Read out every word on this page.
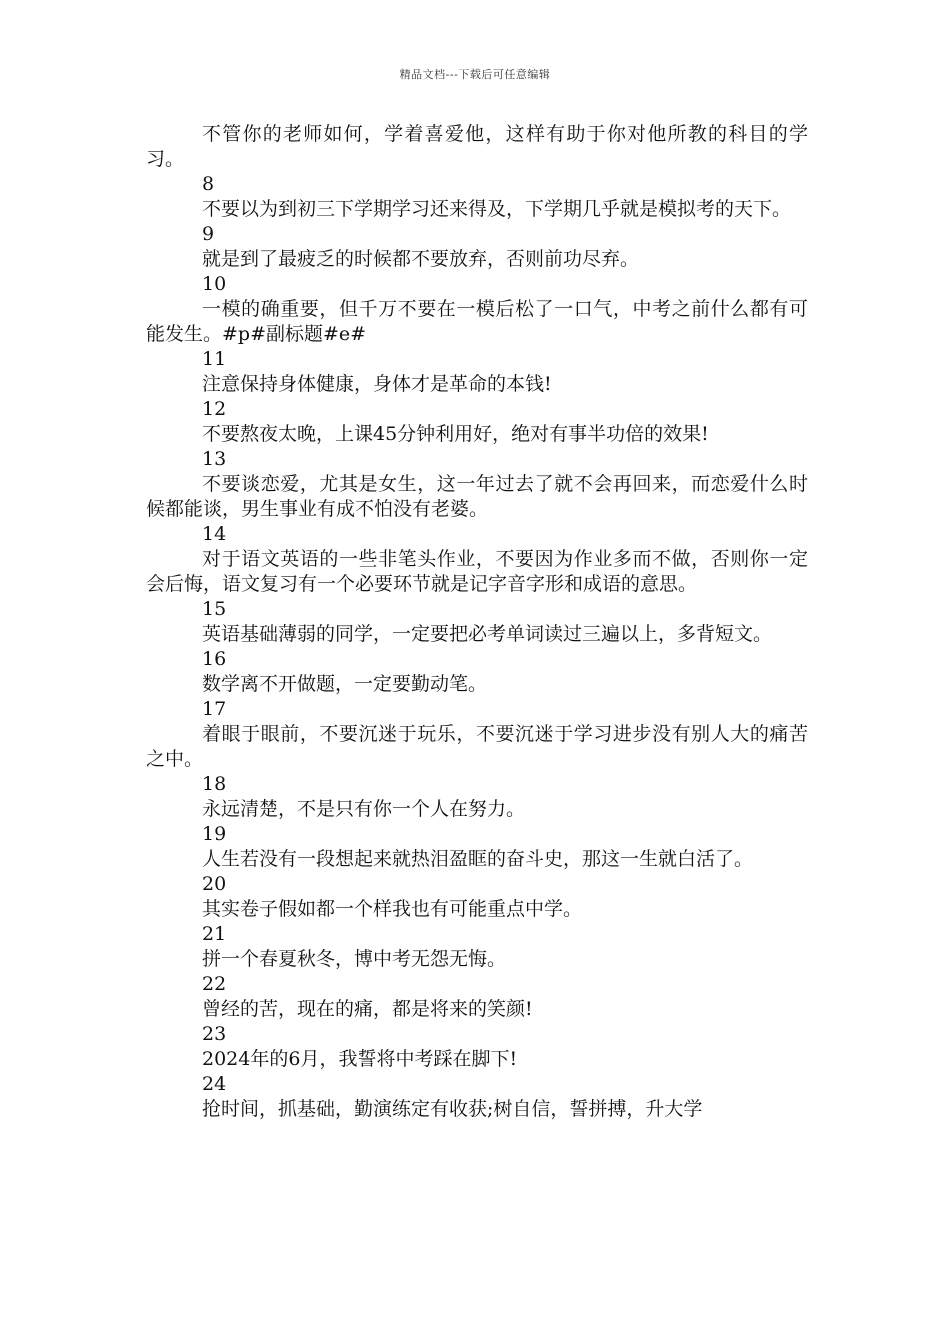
精品文档---下载后可任意编辑

不管你的老师如何，学着喜爱他，这样有助于你对他所教的科目的学习。

8

不要以为到初三下学期学习还来得及，下学期几乎就是模拟考的天下。

9

就是到了最疲乏的时候都不要放弃，否则前功尽弃。

10

一模的确重要，但千万不要在一模后松了一口气，中考之前什么都有可能发生。#p#副标题#e#

11

注意保持身体健康，身体才是革命的本钱!

12

不要熬夜太晚，上课45分钟利用好，绝对有事半功倍的效果!

13

不要谈恋爱，尤其是女生，这一年过去了就不会再回来，而恋爱什么时候都能谈，男生事业有成不怕没有老婆。

14

对于语文英语的一些非笔头作业，不要因为作业多而不做，否则你一定会后悔，语文复习有一个必要环节就是记字音字形和成语的意思。

15

英语基础薄弱的同学，一定要把必考单词读过三遍以上，多背短文。

16

数学离不开做题，一定要勤动笔。

17

着眼于眼前，不要沉迷于玩乐，不要沉迷于学习进步没有别人大的痛苦之中。

18

永远清楚，不是只有你一个人在努力。

19

人生若没有一段想起来就热泪盈眶的奋斗史，那这一生就白活了。

20

其实卷子假如都一个样我也有可能重点中学。

21

拼一个春夏秋冬，博中考无怨无悔。

22

曾经的苦，现在的痛，都是将来的笑颜!

23

2024年的6月，我誓将中考踩在脚下!

24

抢时间，抓基础，勤演练定有收获;树自信，誓拼搏，升大学
